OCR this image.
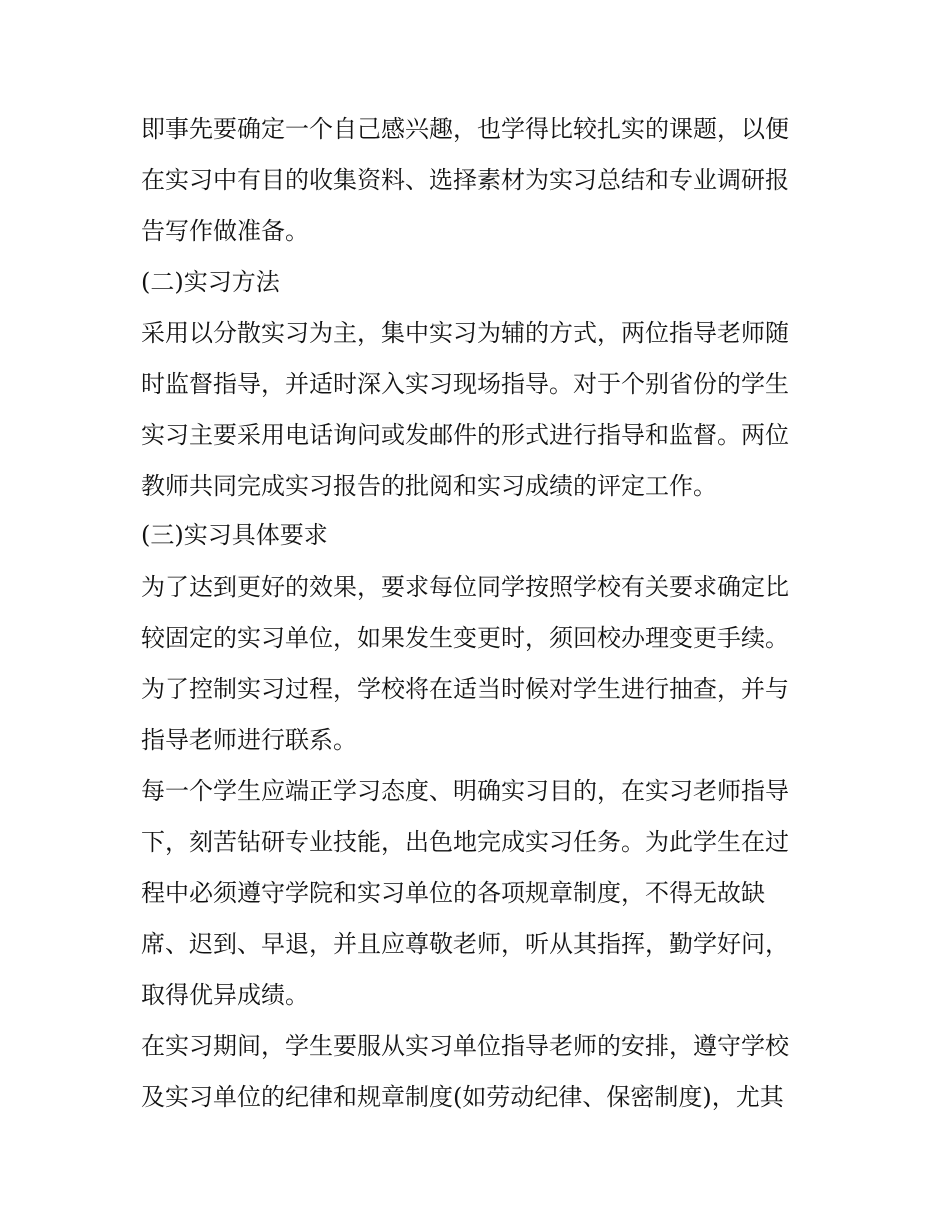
即事先要确定一个自己感兴趣，也学得比较扎实的课题，以便
在实习中有目的收集资料、选择素材为实习总结和专业调研报
告写作做准备。
(二)实习方法
采用以分散实习为主，集中实习为辅的方式，两位指导老师随
时监督指导，并适时深入实习现场指导。对于个别省份的学生
实习主要采用电话询问或发邮件的形式进行指导和监督。两位
教师共同完成实习报告的批阅和实习成绩的评定工作。
(三)实习具体要求
为了达到更好的效果，要求每位同学按照学校有关要求确定比
较固定的实习单位，如果发生变更时，须回校办理变更手续。
为了控制实习过程，学校将在适当时候对学生进行抽查，并与
指导老师进行联系。
每一个学生应端正学习态度、明确实习目的，在实习老师指导
下，刻苦钻研专业技能，出色地完成实习任务。为此学生在过
程中必须遵守学院和实习单位的各项规章制度，不得无故缺
席、迟到、早退，并且应尊敬老师，听从其指挥，勤学好问，
取得优异成绩。
在实习期间，学生要服从实习单位指导老师的安排，遵守学校
及实习单位的纪律和规章制度(如劳动纪律、保密制度)，尤其
